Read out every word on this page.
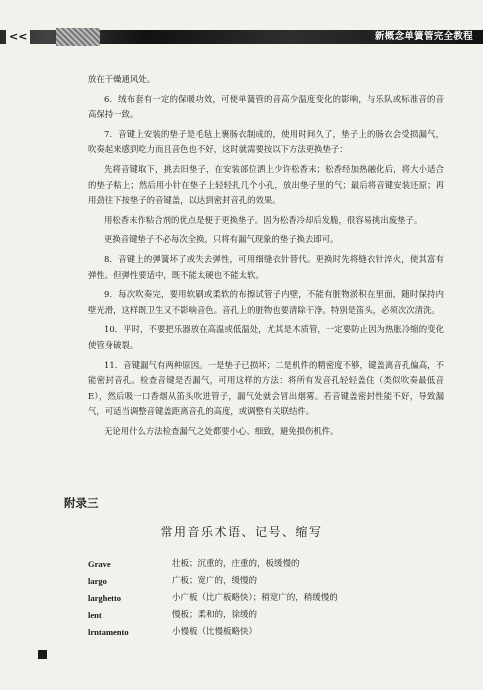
<<	新概念单簧管完全教程

放在干燥通风处。

6．绒布套有一定的保暖功效，可使单簧管的音高少温度变化的影响，与乐队或标准音的音高保持一致。

7．音键上安装的垫子是毛毡上裹肠衣制成的，使用时间久了，垫子上的肠衣会受损漏气，吹奏起来感到吃力而且音色也不好，这时就需要按以下方法更换垫子：

先将音键取下，挑去旧垫子，在安装部位洒上少许松香末；松香经加热融化后，将大小适合的垫子粘上；然后用小针在垫子上轻轻扎几个小孔，放出垫子里的气；最后将音键安装还原；再用劲往下按垫子的音键盖，以达到密封音孔的效果。

用松香末作粘合剂的优点是便于更换垫子。因为松香冷却后发脆，很容易挑出废垫子。

更换音键垫子不必每次全换，只将有漏气现象的垫子换去即可。

8．音键上的弹簧坏了或失去弹性，可用细缝衣针替代。更换时先将缝衣针淬火，使其富有弹性。但弹性要适中，既不能太硬也不能太软。

9．每次吹奏完，要用软刷或柔软的布擦试管子内壁，不能有脏物淤积在里面，随时保持内壁光滑，这样既卫生又不影响音色。音孔上的脏物也要清除干净。特别是笛头，必须次次清洗。

10．平时，不要把乐器放在高温或低温处，尤其是木质管，一定要防止因为热胀冷缩的变化使管身破裂。

11．音键漏气有两种原因。一是垫子已损坏；二是机件的精密度不够，键盖离音孔偏高，不能密封音孔。检查音键是否漏气，可用这样的方法：将所有发音孔轻轻盖住（类似吹奏最低音 E），然后吸一口香烟从笛头吹进管子，漏气处就会冒出烟雾。若音键盖密封性能不好，导致漏气，可适当调整音键盖距离音孔的高度，或调整有关联结件。

无论用什么方法检查漏气之处都要小心、细致，避免损伤机件。

附录三
常用音乐术语、记号、缩写
Grave	壮板；沉重的，庄重的，板缓慢的
largo	广板；宽广的，缓慢的
larghetto	小广板（比广板略快）；稍宽广的，稍缓慢的
lent	慢板；柔和的，徐缓的
lrntamento	小慢板（比慢板略快）
